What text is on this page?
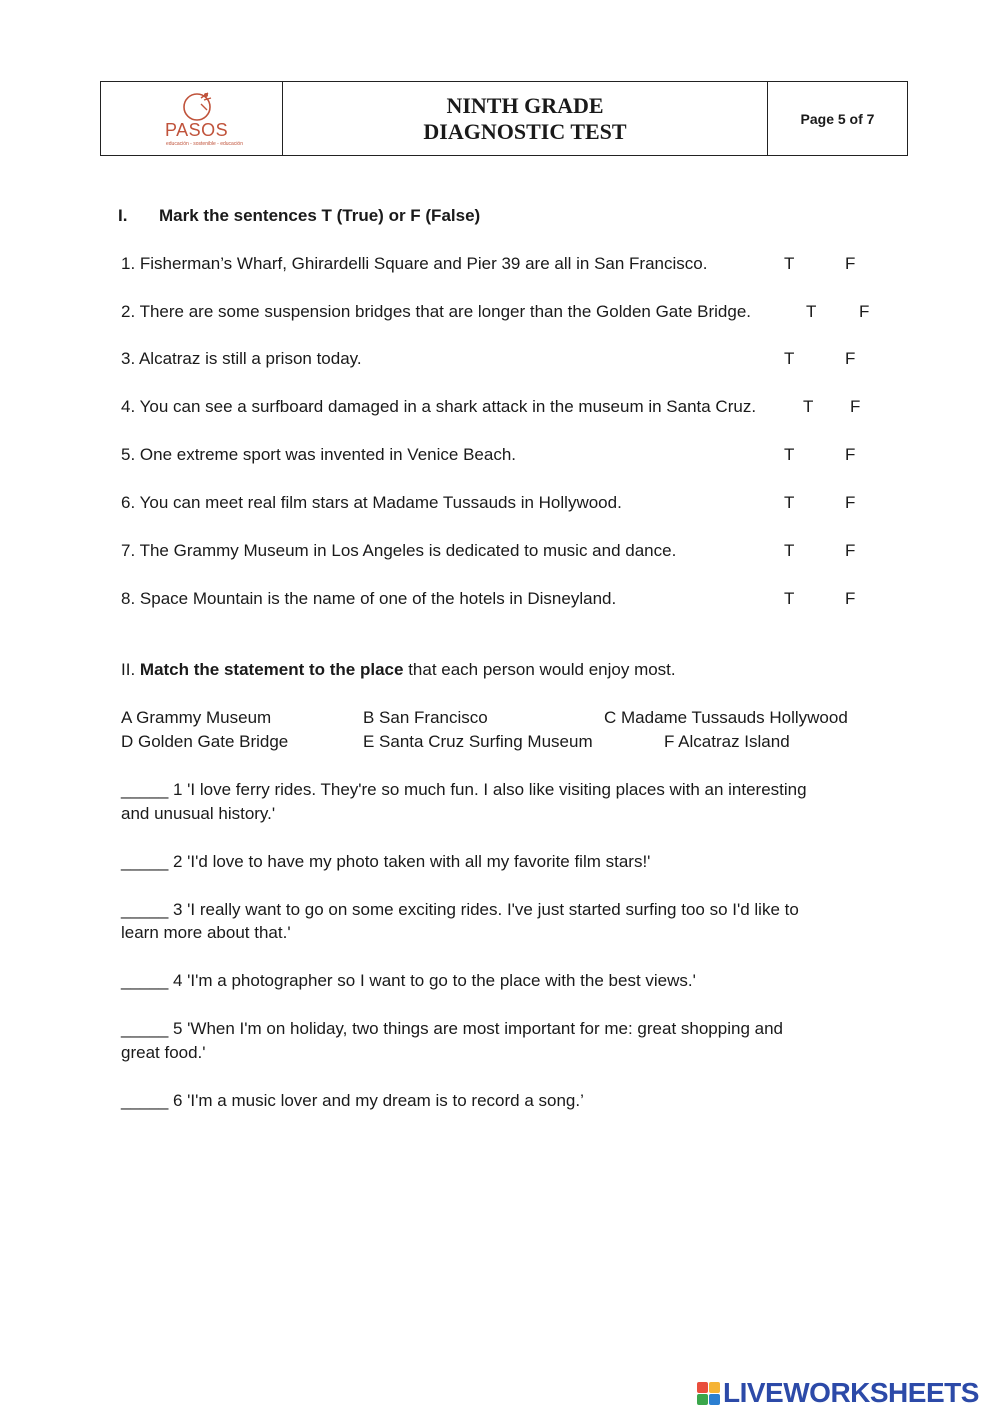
PASOS
educación - sostenible - educación
NINTH GRADE
DIAGNOSTIC TEST	Page 5 of 7
I. Mark the sentences T (True) or F (False)
1. Fisherman’s Wharf, Ghirardelli Square and Pier 39 are all in San Francisco.	T	F
2. There are some suspension bridges that are longer than the Golden Gate Bridge.	T	F
3. Alcatraz is still a prison today.	T	F
4. You can see a surfboard damaged in a shark attack in the museum in Santa Cruz.	T F
5. One extreme sport was invented in Venice Beach.	T	F
6. You can meet real film stars at Madame Tussauds in Hollywood.	T	F
7. The Grammy Museum in Los Angeles is dedicated to music and dance.	T	F
8. Space Mountain is the name of one of the hotels in Disneyland.	T	F
II. Match the statement to the place that each person would enjoy most.
A Grammy Museum	B San Francisco	C Madame Tussauds Hollywood
D Golden Gate Bridge	E Santa Cruz Surfing Museum	F Alcatraz Island
_____ 1 'I love ferry rides. They're so much fun. I also like visiting places with an interesting
and unusual history.'
_____ 2 'I'd love to have my photo taken with all my favorite film stars!'
_____ 3 'I really want to go on some exciting rides. I've just started surfing too so I'd like to
learn more about that.'
_____ 4 'I'm a photographer so I want to go to the place with the best views.'
_____ 5 'When I'm on holiday, two things are most important for me: great shopping and
great food.'
_____ 6 'I'm a music lover and my dream is to record a song.’
LIVEWORKSHEETS
